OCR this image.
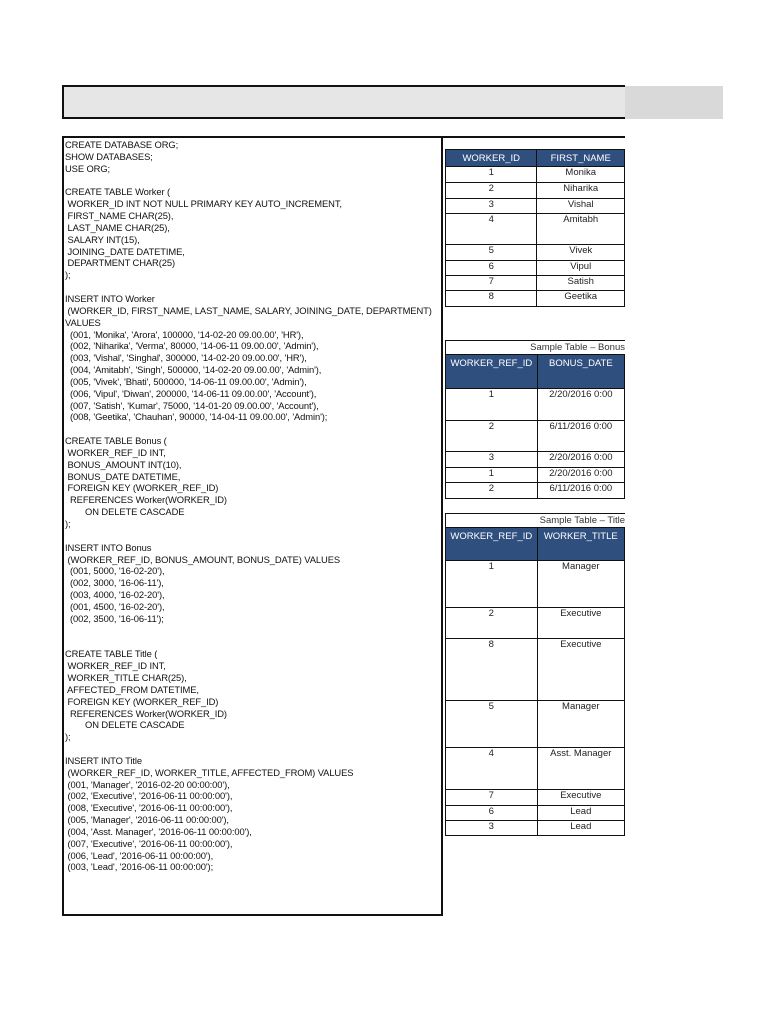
CREATE DATABASE ORG;
SHOW DATABASES;
USE ORG;

CREATE TABLE Worker (
WORKER_ID INT NOT NULL PRIMARY KEY AUTO_INCREMENT,
FIRST_NAME CHAR(25),
LAST_NAME CHAR(25),
SALARY INT(15),
JOINING_DATE DATETIME,
DEPARTMENT CHAR(25)
);

INSERT INTO Worker
(WORKER_ID, FIRST_NAME, LAST_NAME, SALARY, JOINING_DATE, DEPARTMENT)
VALUES
(001, 'Monika', 'Arora', 100000, '14-02-20 09.00.00', 'HR'),
(002, 'Niharika', 'Verma', 80000, '14-06-11 09.00.00', 'Admin'),
(003, 'Vishal', 'Singhal', 300000, '14-02-20 09.00.00', 'HR'),
(004, 'Amitabh', 'Singh', 500000, '14-02-20 09.00.00', 'Admin'),
(005, 'Vivek', 'Bhati', 500000, '14-06-11 09.00.00', 'Admin'),
(006, 'Vipul', 'Diwan', 200000, '14-06-11 09.00.00', 'Account'),
(007, 'Satish', 'Kumar', 75000, '14-01-20 09.00.00', 'Account'),
(008, 'Geetika', 'Chauhan', 90000, '14-04-11 09.00.00', 'Admin');

CREATE TABLE Bonus (
WORKER_REF_ID INT,
BONUS_AMOUNT INT(10),
BONUS_DATE DATETIME,
FOREIGN KEY (WORKER_REF_ID)
REFERENCES Worker(WORKER_ID)
ON DELETE CASCADE
);

INSERT INTO Bonus
(WORKER_REF_ID, BONUS_AMOUNT, BONUS_DATE) VALUES
(001, 5000, '16-02-20'),
(002, 3000, '16-06-11'),
(003, 4000, '16-02-20'),
(001, 4500, '16-02-20'),
(002, 3500, '16-06-11');

CREATE TABLE Title (
WORKER_REF_ID INT,
WORKER_TITLE CHAR(25),
AFFECTED_FROM DATETIME,
FOREIGN KEY (WORKER_REF_ID)
REFERENCES Worker(WORKER_ID)
ON DELETE CASCADE
);

INSERT INTO Title
(WORKER_REF_ID, WORKER_TITLE, AFFECTED_FROM) VALUES
(001, 'Manager', '2016-02-20 00:00:00'),
(002, 'Executive', '2016-06-11 00:00:00'),
(008, 'Executive', '2016-06-11 00:00:00'),
(005, 'Manager', '2016-06-11 00:00:00'),
(004, 'Asst. Manager', '2016-06-11 00:00:00'),
(007, 'Executive', '2016-06-11 00:00:00'),
(006, 'Lead', '2016-06-11 00:00:00'),
(003, 'Lead', '2016-06-11 00:00:00');
WORKER_ID	FIRST_NAME
1	Monika
2	Niharika
3	Vishal
4	Amitabh
5	Vivek
6	Vipul
7	Satish
8	Geetika
Sample Table – Bonus
WORKER_REF_ID	BONUS_DATE
1	2/20/2016 0:00
2	6/11/2016 0:00
3	2/20/2016 0:00
1	2/20/2016 0:00
2	6/11/2016 0:00
Sample Table – Title
WORKER_REF_ID	WORKER_TITLE
1	Manager
2	Executive
8	Executive
5	Manager
4	Asst. Manager
7	Executive
6	Lead
3	Lead
